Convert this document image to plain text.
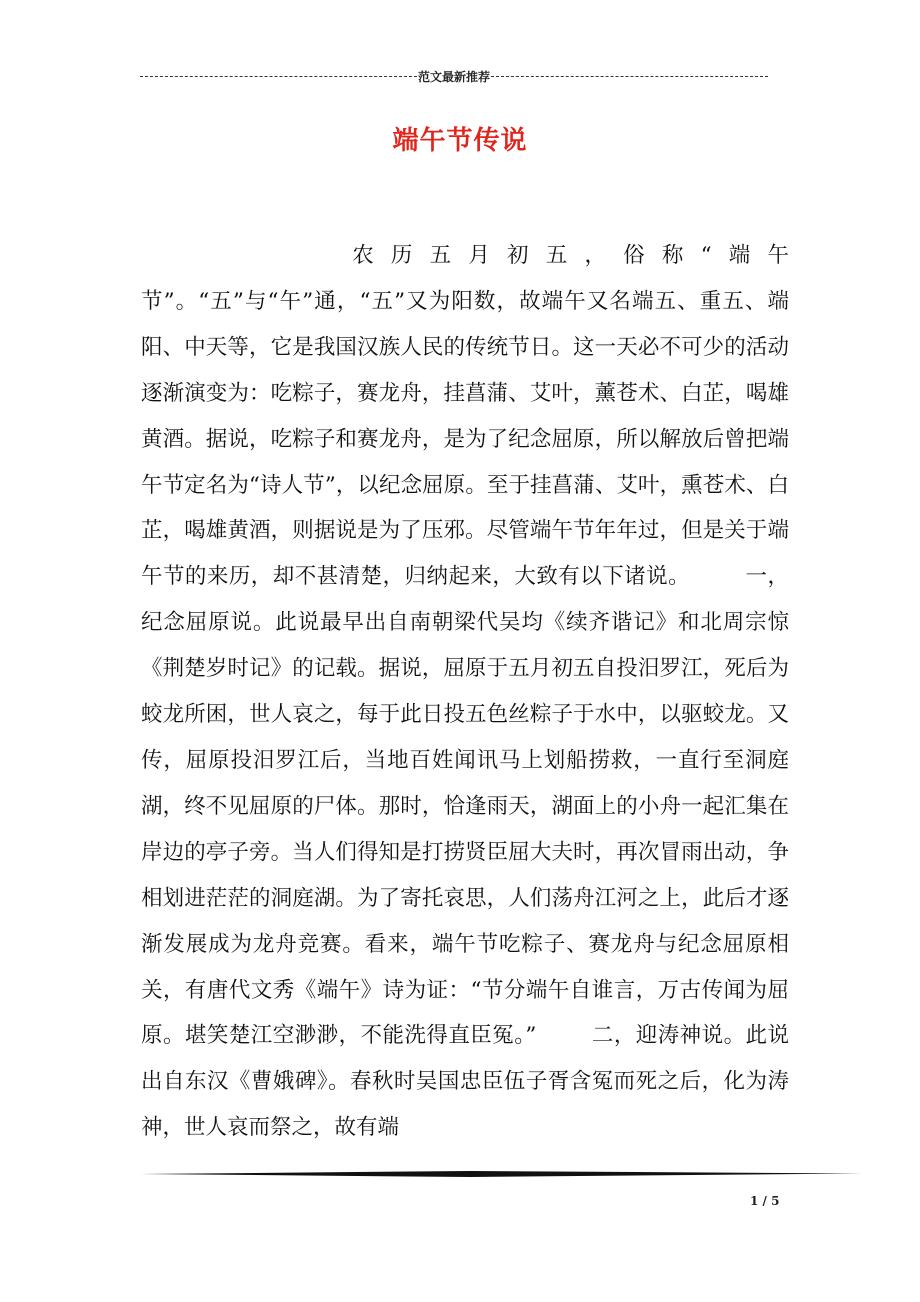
范文最新推荐
端午节传说

农历五月初五，俗称“端午节”。“五”与“午”通，“五”又为阳数，故端午又名端五、重五、端阳、中天等，它是我国汉族人民的传统节日。这一天必不可少的活动逐渐演变为：吃粽子，赛龙舟，挂菖蒲、艾叶，薰苍术、白芷，喝雄黄酒。据说，吃粽子和赛龙舟，是为了纪念屈原，所以解放后曾把端午节定名为“诗人节”，以纪念屈原。至于挂菖蒲、艾叶，熏苍术、白芷，喝雄黄酒，则据说是为了压邪。尽管端午节年年过，但是关于端午节的来历，却不甚清楚，归纳起来，大致有以下诸说。	一，纪念屈原说。此说最早出自南朝梁代吴均《续齐谐记》和北周宗惊《荆楚岁时记》的记载。据说，屈原于五月初五自投汨罗江，死后为蛟龙所困，世人哀之，每于此日投五色丝粽子于水中，以驱蛟龙。又传，屈原投汨罗江后，当地百姓闻讯马上划船捞救，一直行至洞庭湖，终不见屈原的尸体。那时，恰逢雨天，湖面上的小舟一起汇集在岸边的亭子旁。当人们得知是打捞贤臣屈大夫时，再次冒雨出动，争相划进茫茫的洞庭湖。为了寄托哀思，人们荡舟江河之上，此后才逐渐发展成为龙舟竞赛。看来，端午节吃粽子、赛龙舟与纪念屈原相关，有唐代文秀《端午》诗为证：“节分端午自谁言，万古传闻为屈原。堪笑楚江空渺渺，不能洗得直臣冤。”	二，迎涛神说。此说出自东汉《曹娥碑》。春秋时吴国忠臣伍子胥含冤而死之后，化为涛神，世人哀而祭之，故有端

1 / 5
